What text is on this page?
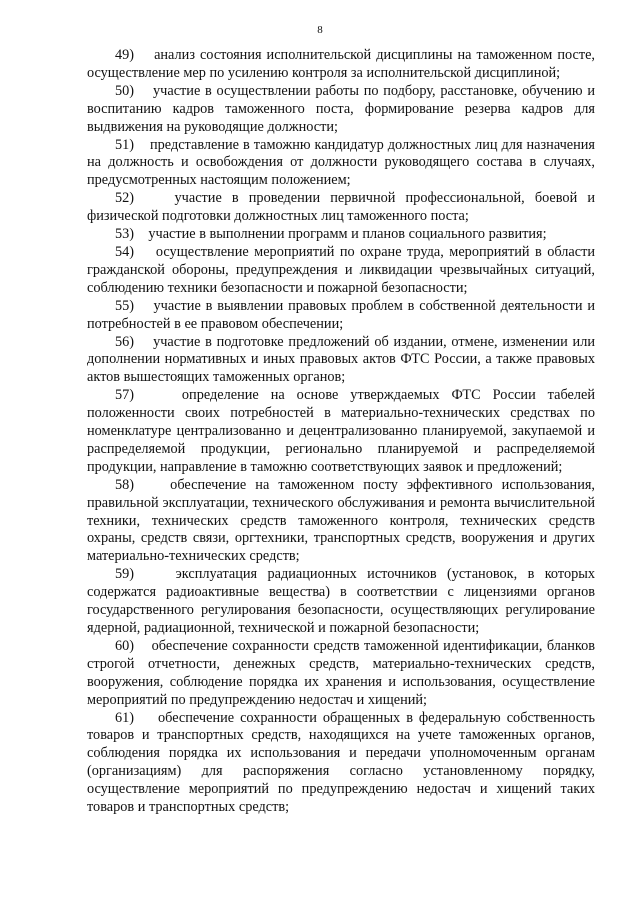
8

49) анализ состояния исполнительской дисциплины на таможенном посте, осуществление мер по усилению контроля за исполнительской дисциплиной;

50) участие в осуществлении работы по подбору, расстановке, обучению и воспитанию кадров таможенного поста, формирование резерва кадров для выдвижения на руководящие должности;

51) представление в таможню кандидатур должностных лиц для назначения на должность и освобождения от должности руководящего состава в случаях, предусмотренных настоящим положением;

52)	участие в проведении первичной профессиональной, боевой и физической подготовки должностных лиц таможенного поста;

53) участие в выполнении программ и планов социального развития;

54) осуществление мероприятий по охране труда, мероприятий в области гражданской обороны, предупреждения и ликвидации чрезвычайных ситуаций, соблюдению техники безопасности и пожарной безопасности;

55) участие в выявлении правовых проблем в собственной деятельности и потребностей в ее правовом обеспечении;

56) участие в подготовке предложений об издании, отмене, изменении или дополнении нормативных и иных правовых актов ФТС России, а также правовых актов вышестоящих таможенных органов;

57)	определение на основе утверждаемых ФТС России табелей положенности своих потребностей в материально-технических средствах по номенклатуре централизованно и децентрализованно планируемой, закупаемой и распределяемой продукции, регионально планируемой и распределяемой продукции, направление в таможню соответствующих заявок и предложений;

58)	обеспечение на таможенном посту эффективного использования, правильной эксплуатации, технического обслуживания и ремонта вычислительной техники, технических средств таможенного контроля, технических средств охраны, средств связи, оргтехники, транспортных средств, вооружения и других материально-технических средств;

59)	эксплуатация радиационных источников (установок, в которых содержатся радиоактивные вещества) в соответствии с лицензиями органов государственного регулирования безопасности, осуществляющих регулирование ядерной, радиационной, технической и пожарной безопасности;

60) обеспечение сохранности средств таможенной идентификации, бланков строгой отчетности, денежных средств, материально-технических средств, вооружения, соблюдение порядка их хранения и использования, осуществление мероприятий по предупреждению недостач и хищений;

61) обеспечение сохранности обращенных в федеральную собственность товаров и транспортных средств, находящихся на учете таможенных органов, соблюдения порядка их использования и передачи уполномоченным органам (организациям) для распоряжения согласно установленному порядку, осуществление мероприятий по предупреждению недостач и хищений таких товаров и транспортных средств;
